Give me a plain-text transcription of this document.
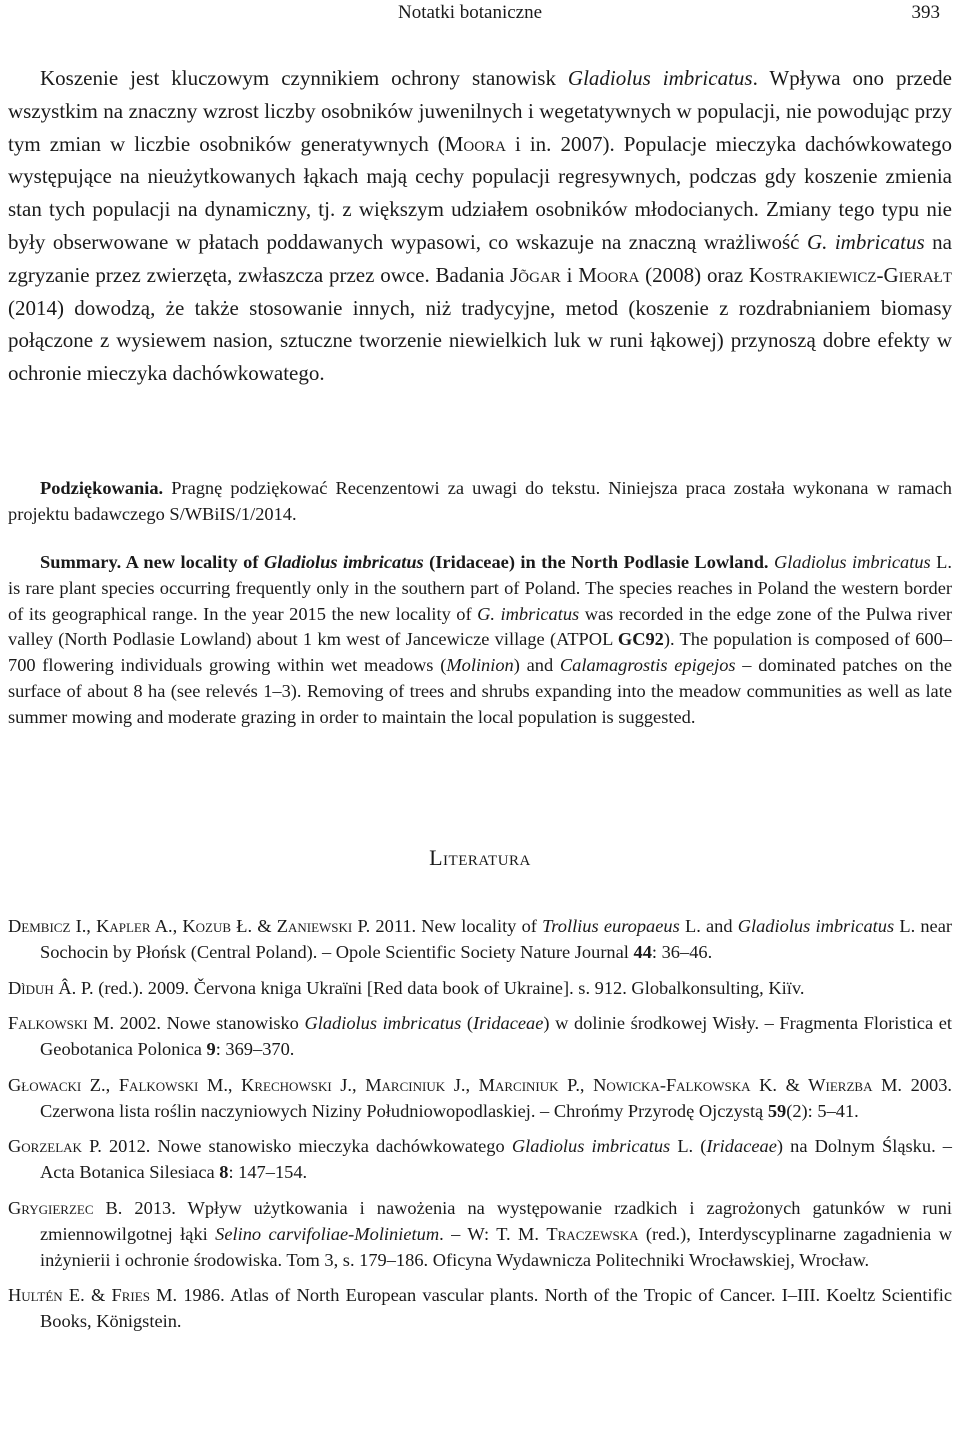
Notatki botaniczne	393

Koszenie jest kluczowym czynnikiem ochrony stanowisk Gladiolus imbricatus. Wpływa ono przede wszystkim na znaczny wzrost liczby osobników juwenilnych i wegetatywnych w populacji, nie powodując przy tym zmian w liczbie osobników generatywnych (Moora i in. 2007). Populacje mieczyka dachówkowatego występujące na nieużytkowanych łąkach mają cechy populacji regresywnych, podczas gdy koszenie zmienia stan tych populacji na dynamiczny, tj. z większym udziałem osobników młodocianych. Zmiany tego typu nie były obserwowane w płatach poddawanych wypasowi, co wskazuje na znaczną wrażliwość G. imbricatus na zgryzanie przez zwierzęta, zwłaszcza przez owce. Badania Jõgar i Moora (2008) oraz Kostrakiewicz-Gierałt (2014) dowodzą, że także stosowanie innych, niż tradycyjne, metod (koszenie z rozdrabnianiem biomasy połączone z wysiewem nasion, sztuczne tworzenie niewielkich luk w runi łąkowej) przynoszą dobre efekty w ochronie mieczyka dachówkowatego.

Podziękowania. Pragnę podziękować Recenzentowi za uwagi do tekstu. Niniejsza praca została wykonana w ramach projektu badawczego S/WBiIS/1/2014.

Summary. A new locality of Gladiolus imbricatus (Iridaceae) in the North Podlasie Lowland. Gladiolus imbricatus L. is rare plant species occurring frequently only in the southern part of Poland. The species reaches in Poland the western border of its geographical range. In the year 2015 the new locality of G. imbricatus was recorded in the edge zone of the Pulwa river valley (North Podlasie Lowland) about 1 km west of Jancewicze village (ATPOL GC92). The population is composed of 600–700 flowering individuals growing within wet meadows (Molinion) and Calamagrostis epigejos – dominated patches on the surface of about 8 ha (see relevés 1–3). Removing of trees and shrubs expanding into the meadow communities as well as late summer mowing and moderate grazing in order to maintain the local population is suggested.

Literatura
Dembicz I., Kapler A., Kozub Ł. & Zaniewski P. 2011. New locality of Trollius europaeus L. and Gladiolus imbricatus L. near Sochocin by Płońsk (Central Poland). – Opole Scientific Society Nature Journal 44: 36–46.
Dìduh Â. P. (red.). 2009. Červona kniga Ukraïni [Red data book of Ukraine]. s. 912. Globalkonsulting, Kiïv.
Falkowski M. 2002. Nowe stanowisko Gladiolus imbricatus (Iridaceae) w dolinie środkowej Wisły. – Fragmenta Floristica et Geobotanica Polonica 9: 369–370.
Głowacki Z., Falkowski M., Krechowski J., Marciniuk J., Marciniuk P., Nowicka-Falkowska K. & Wierzba M. 2003. Czerwona lista roślin naczyniowych Niziny Południowopodlaskiej. – Chrońmy Przyrodę Ojczystą 59(2): 5–41.
Gorzelak P. 2012. Nowe stanowisko mieczyka dachówkowatego Gladiolus imbricatus L. (Iridaceae) na Dolnym Śląsku. – Acta Botanica Silesiaca 8: 147–154.
Grygierzec B. 2013. Wpływ użytkowania i nawożenia na występowanie rzadkich i zagrożonych gatunków w runi zmiennowilgotnej łąki Selino carvifoliae-Molinietum. – W: T. M. Traczewska (red.), Interdyscyplinarne zagadnienia w inżynierii i ochronie środowiska. Tom 3, s. 179–186. Oficyna Wydawnicza Politechniki Wrocławskiej, Wrocław.
Hultén E. & Fries M. 1986. Atlas of North European vascular plants. North of the Tropic of Cancer. I–III. Koeltz Scientific Books, Königstein.
